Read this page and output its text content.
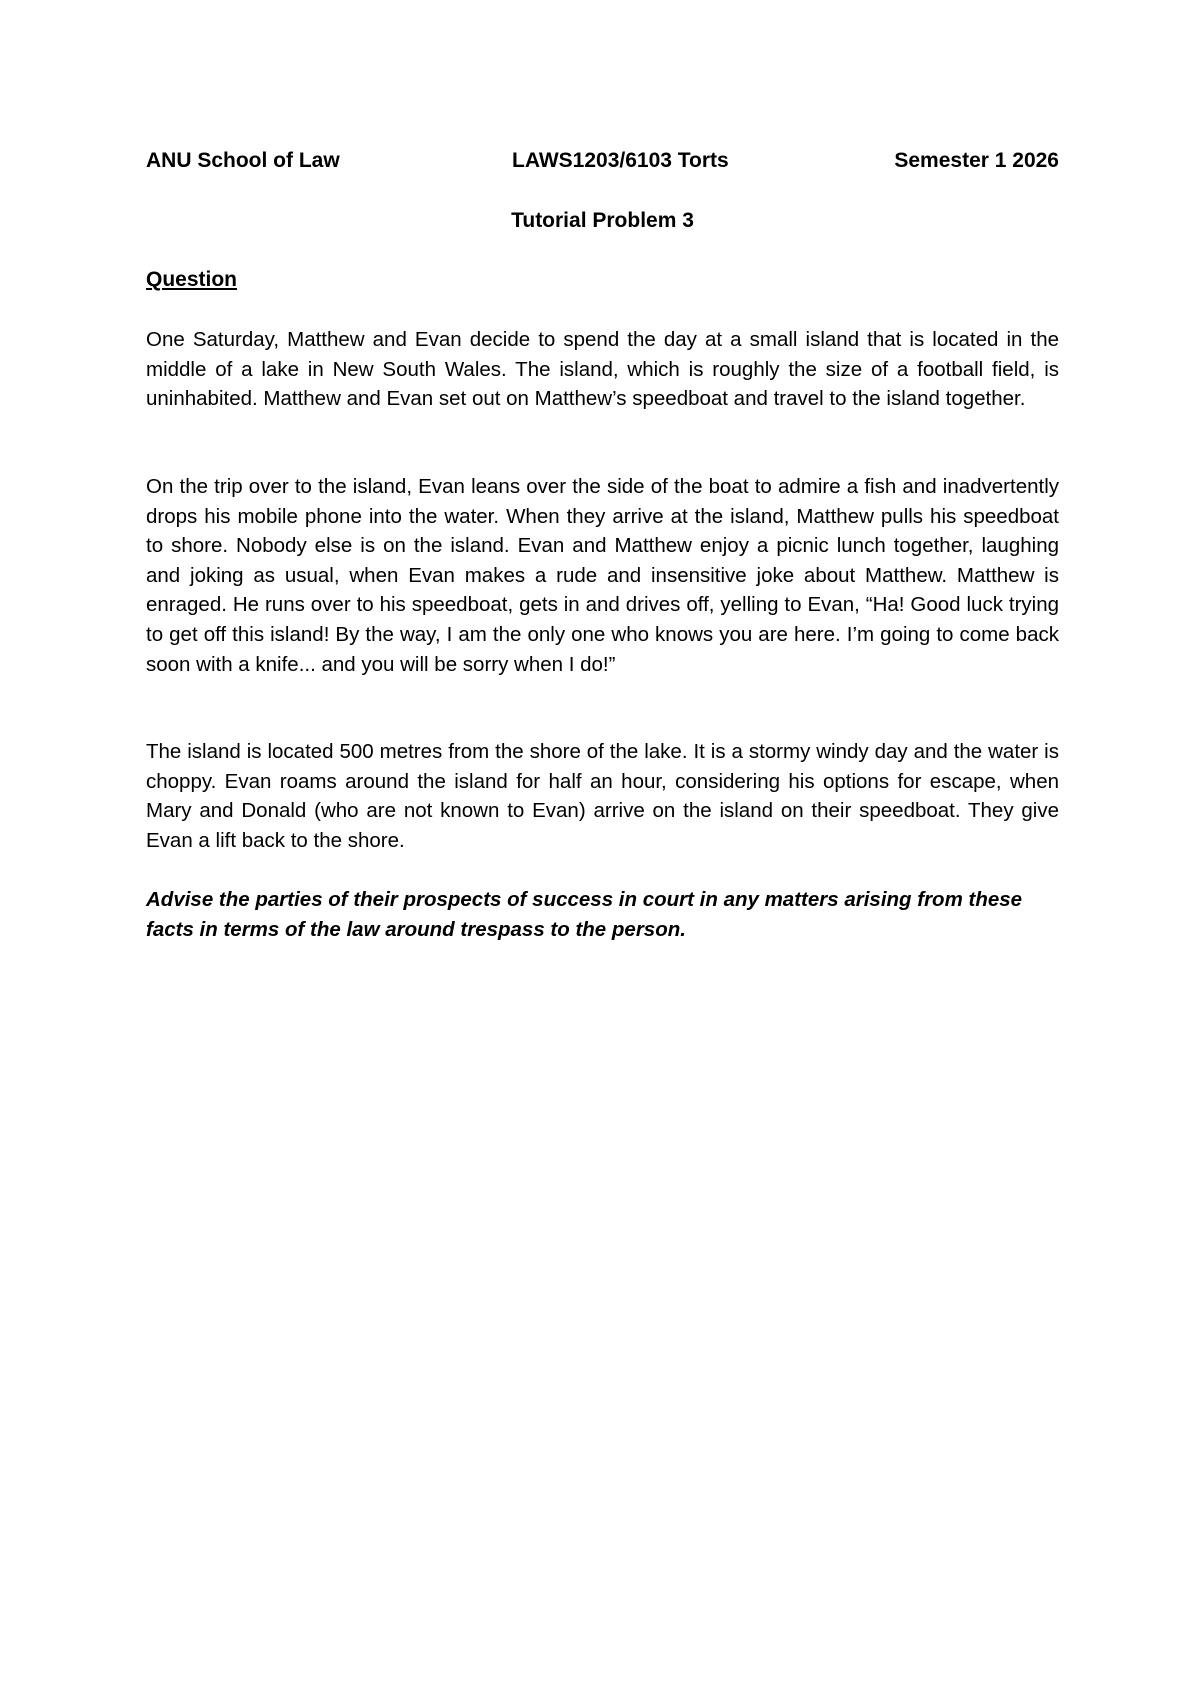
ANU School of Law	LAWS1203/6103 Torts	Semester 1 2026
Tutorial Problem 3
Question

One Saturday, Matthew and Evan decide to spend the day at a small island that is located in the middle of a lake in New South Wales. The island, which is roughly the size of a football field, is uninhabited. Matthew and Evan set out on Matthew’s speedboat and travel to the island together.

On the trip over to the island, Evan leans over the side of the boat to admire a fish and inadvertently drops his mobile phone into the water. When they arrive at the island, Matthew pulls his speedboat to shore. Nobody else is on the island. Evan and Matthew enjoy a picnic lunch together, laughing and joking as usual, when Evan makes a rude and insensitive joke about Matthew. Matthew is enraged. He runs over to his speedboat, gets in and drives off, yelling to Evan, “Ha! Good luck trying to get off this island! By the way, I am the only one who knows you are here. I’m going to come back soon with a knife... and you will be sorry when I do!”

The island is located 500 metres from the shore of the lake. It is a stormy windy day and the water is choppy. Evan roams around the island for half an hour, considering his options for escape, when Mary and Donald (who are not known to Evan) arrive on the island on their speedboat. They give Evan a lift back to the shore.

Advise the parties of their prospects of success in court in any matters arising from these facts in terms of the law around trespass to the person.
